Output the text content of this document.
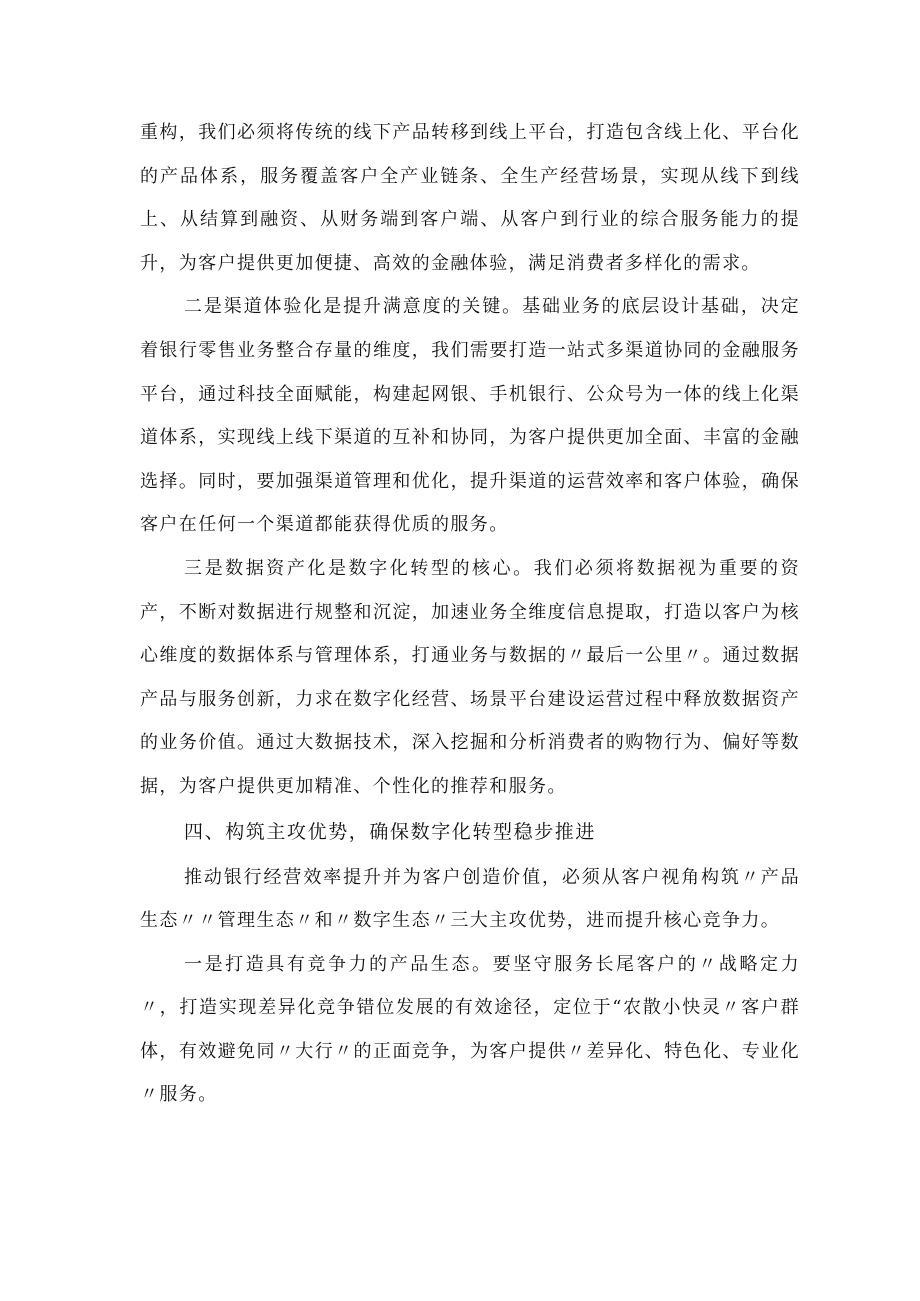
重构，我们必须将传统的线下产品转移到线上平台，打造包含线上化、平台化的产品体系，服务覆盖客户全产业链条、全生产经营场景，实现从线下到线上、从结算到融资、从财务端到客户端、从客户到行业的综合服务能力的提升，为客户提供更加便捷、高效的金融体验，满足消费者多样化的需求。

二是渠道体验化是提升满意度的关键。基础业务的底层设计基础，决定着银行零售业务整合存量的维度，我们需要打造一站式多渠道协同的金融服务平台，通过科技全面赋能，构建起网银、手机银行、公众号为一体的线上化渠道体系，实现线上线下渠道的互补和协同，为客户提供更加全面、丰富的金融选择。同时，要加强渠道管理和优化，提升渠道的运营效率和客户体验，确保客户在任何一个渠道都能获得优质的服务。

三是数据资产化是数字化转型的核心。我们必须将数据视为重要的资产，不断对数据进行规整和沉淀，加速业务全维度信息提取，打造以客户为核心维度的数据体系与管理体系，打通业务与数据的〃最后一公里〃。通过数据产品与服务创新，力求在数字化经营、场景平台建设运营过程中释放数据资产的业务价值。通过大数据技术，深入挖掘和分析消费者的购物行为、偏好等数据，为客户提供更加精准、个性化的推荐和服务。

四、构筑主攻优势，确保数字化转型稳步推进

推动银行经营效率提升并为客户创造价值，必须从客户视角构筑〃产品生态〃〃管理生态〃和〃数字生态〃三大主攻优势，进而提升核心竞争力。

一是打造具有竞争力的产品生态。要坚守服务长尾客户的〃战略定力〃，打造实现差异化竞争错位发展的有效途径，定位于“农散小快灵〃客户群体，有效避免同〃大行〃的正面竞争，为客户提供〃差异化、特色化、专业化〃服务。
